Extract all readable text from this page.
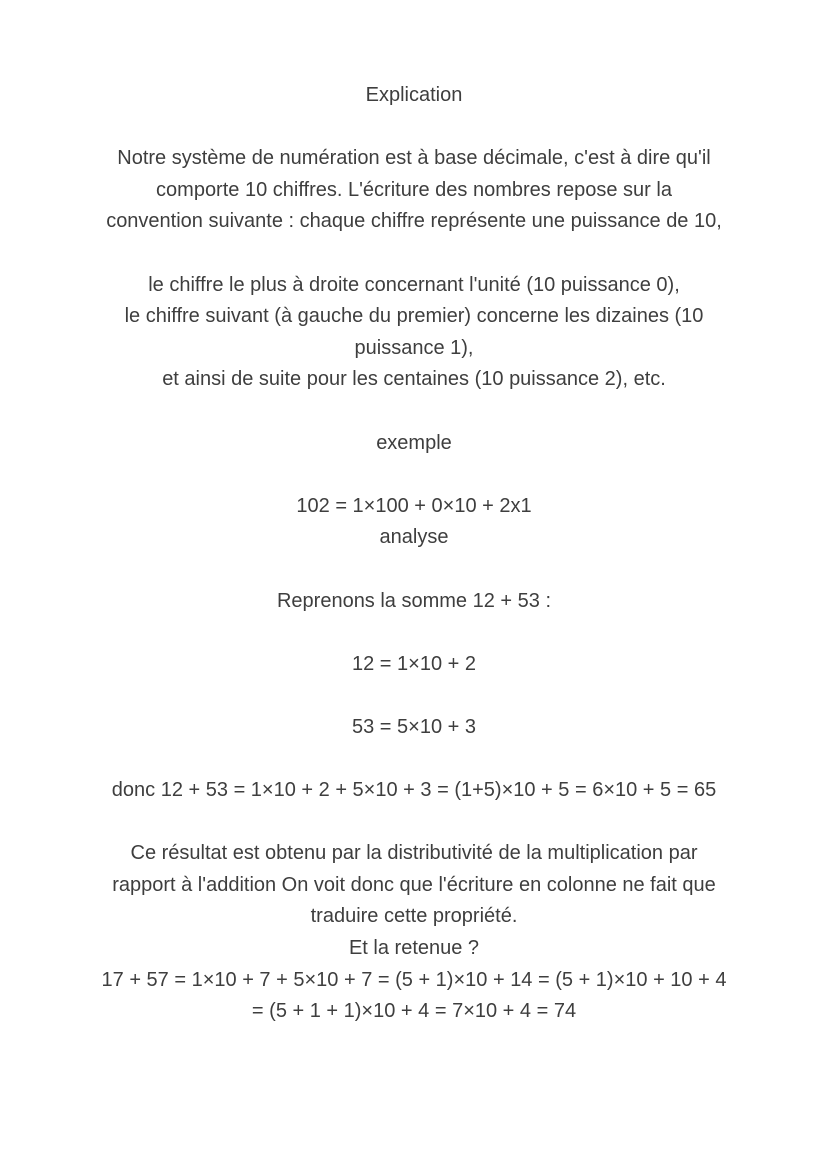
Explication

Notre système de numération est à base décimale, c'est à dire qu'il
comporte 10 chiffres. L'écriture des nombres repose sur la
convention suivante : chaque chiffre représente une puissance de 10,

le chiffre le plus à droite concernant l'unité (10 puissance 0),
le chiffre suivant (à gauche du premier) concerne les dizaines (10
puissance 1),
et ainsi de suite pour les centaines (10 puissance 2), etc.

exemple

102 = 1×100 + 0×10 + 2x1
analyse

Reprenons la somme 12 + 53 :

12 = 1×10 + 2

53 = 5×10 + 3

donc 12 + 53 = 1×10 + 2 + 5×10 + 3 = (1+5)×10 + 5 = 6×10 + 5 = 65

Ce résultat est obtenu par la distributivité de la multiplication par
rapport à l'addition On voit donc que l'écriture en colonne ne fait que
traduire cette propriété.
Et la retenue ?
17 + 57 = 1×10 + 7 + 5×10 + 7 = (5 + 1)×10 + 14 = (5 + 1)×10 + 10 + 4
= (5 + 1 + 1)×10 + 4 = 7×10 + 4 = 74
